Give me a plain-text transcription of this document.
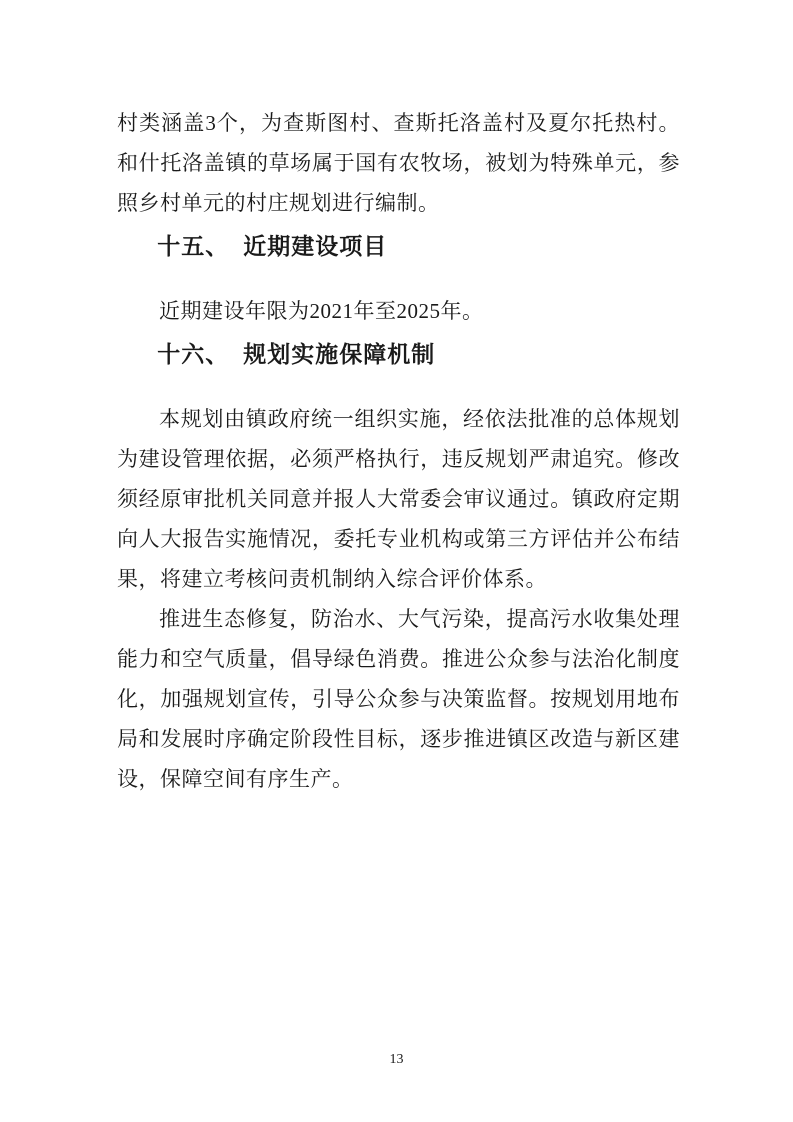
村类涵盖3个，为查斯图村、查斯托洛盖村及夏尔托热村。和什托洛盖镇的草场属于国有农牧场，被划为特殊单元，参照乡村单元的村庄规划进行编制。

十五、 近期建设项目

近期建设年限为2021年至2025年。

十六、 规划实施保障机制

本规划由镇政府统一组织实施，经依法批准的总体规划为建设管理依据，必须严格执行，违反规划严肃追究。修改须经原审批机关同意并报人大常委会审议通过。镇政府定期向人大报告实施情况，委托专业机构或第三方评估并公布结果，将建立考核问责机制纳入综合评价体系。

推进生态修复，防治水、大气污染，提高污水收集处理能力和空气质量，倡导绿色消费。推进公众参与法治化制度化，加强规划宣传，引导公众参与决策监督。按规划用地布局和发展时序确定阶段性目标，逐步推进镇区改造与新区建设，保障空间有序生产。

13
